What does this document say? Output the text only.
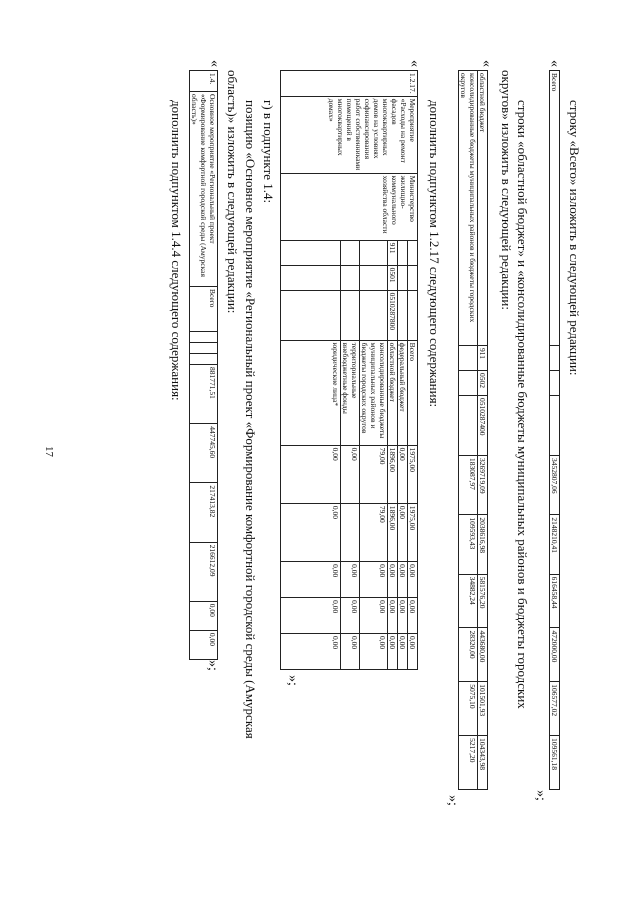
17
строку «Всего» изложить в следующей редакции:
«
Всего				3452807,06	2148210,41	616458,44	472000,00	106577,02	109561,18
»;
строки «областной бюджет» и «консолидированные бюджеты муниципальных районов и бюджеты городских
округов» изложить в следующей редакции:
«
областной бюджет	911	0502	0510287400	3269719,09	2038616,98	581576,20	443680,00	101501,93	104343,98
консолидированные бюджеты муниципальных районов и бюджеты городских округов				183087,97	109593,43	34882,24	28320,00	5075,10	5217,20
»;
дополнить подпунктом 1.2.17 следующего содержания:
«
1.2.17.	Мероприятие «Расходы на ремонт фасадов многоквартирных домов на условиях софинансирования работ собственниками помещений в многоквартирных домах»	Министерство жилищно-коммунального хозяйства области				Всего	1975,00	1975,00	0,00	0,00	0,00
						федеральный бюджет	0,00	0,00	0,00	0,00	0,00
			911	0501	0510287800	областной бюджет	1896,00	1896,00	0,00	0,00	0,00
						консолидированные бюджеты муниципальных районов и бюджеты городских округов	79,00	79,00	0,00	0,00	0,00
						территориальные внебюджетные фонды	0,00		0,00	0,00	0,00
						юридические лица*	0,00	0,00	0,00	0,00	0,00
»;
г) в подпункте 1.4:
позицию «Основное мероприятие «Региональный проект «Формирование комфортной городской среды (Амурская
область)» изложить в следующей редакции:
«
1.4.	Основное мероприятие «Региональный проект «Формирование комфортной городской среды (Амурская область)»	Всего				881771,51	447745,60	217413,82	216612,09	0,00	0,00
»;
дополнить подпунктом 1.4.4 следующего содержания:
